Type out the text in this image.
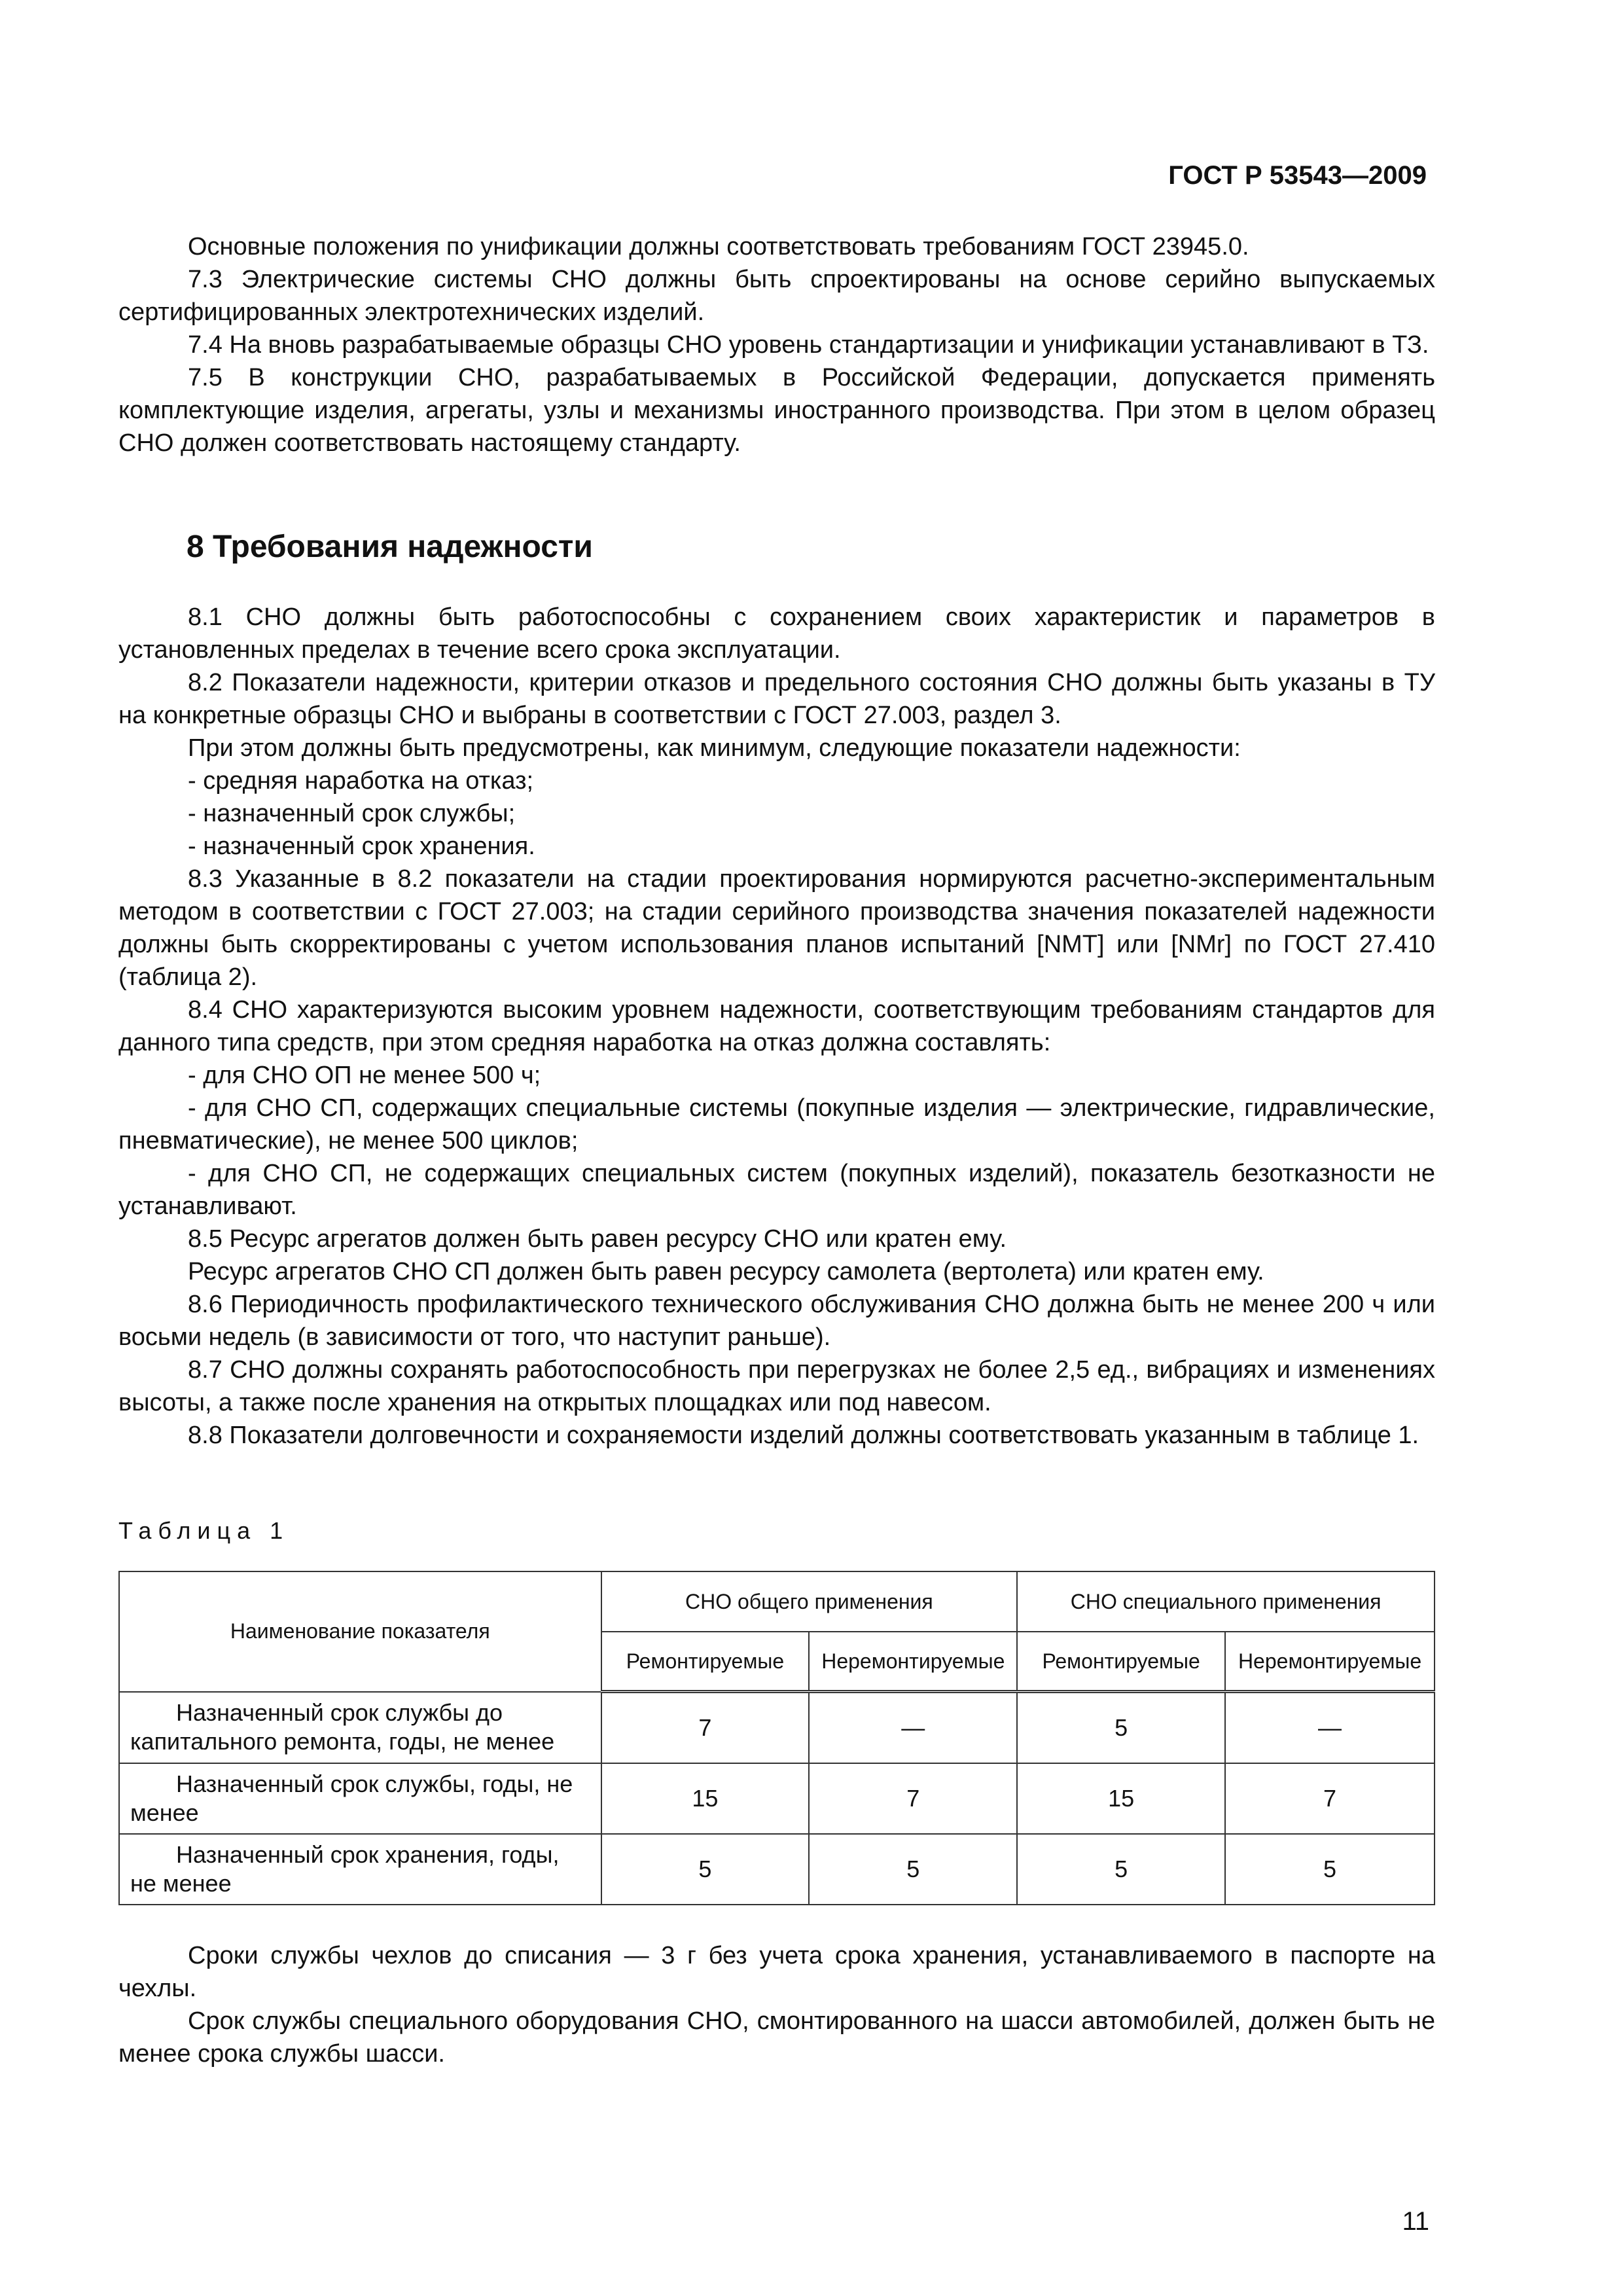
ГОСТ Р 53543—2009

Основные положения по унификации должны соответствовать требованиям ГОСТ 23945.0.

7.3 Электрические системы СНО должны быть спроектированы на основе серийно выпускаемых сертифицированных электротехнических изделий.

7.4 На вновь разрабатываемые образцы СНО уровень стандартизации и унификации устанавливают в ТЗ.

7.5 В конструкции СНО, разрабатываемых в Российской Федерации, допускается применять комплектующие изделия, агрегаты, узлы и механизмы иностранного производства. При этом в целом образец СНО должен соответствовать настоящему стандарту.

8 Требования надежности

8.1 СНО должны быть работоспособны с сохранением своих характеристик и параметров в установленных пределах в течение всего срока эксплуатации.

8.2 Показатели надежности, критерии отказов и предельного состояния СНО должны быть указаны в ТУ на конкретные образцы СНО и выбраны в соответствии с ГОСТ 27.003, раздел 3.

При этом должны быть предусмотрены, как минимум, следующие показатели надежности:

- средняя наработка на отказ;

- назначенный срок службы;

- назначенный срок хранения.

8.3 Указанные в 8.2 показатели на стадии проектирования нормируются расчетно-экспериментальным методом в соответствии с ГОСТ 27.003; на стадии серийного производства значения показателей надежности должны быть скорректированы с учетом использования планов испытаний [NMT] или [NMr] по ГОСТ 27.410 (таблица 2).

8.4 СНО характеризуются высоким уровнем надежности, соответствующим требованиям стандартов для данного типа средств, при этом средняя наработка на отказ должна составлять:

- для СНО ОП не менее 500 ч;

- для СНО СП, содержащих специальные системы (покупные изделия — электрические, гидравлические, пневматические), не менее 500 циклов;

- для СНО СП, не содержащих специальных систем (покупных изделий), показатель безотказности не устанавливают.

8.5 Ресурс агрегатов должен быть равен ресурсу СНО или кратен ему.

Ресурс агрегатов СНО СП должен быть равен ресурсу самолета (вертолета) или кратен ему.

8.6 Периодичность профилактического технического обслуживания СНО должна быть не менее 200 ч или восьми недель (в зависимости от того, что наступит раньше).

8.7 СНО должны сохранять работоспособность при перегрузках не более 2,5 ед., вибрациях и изменениях высоты, а также после хранения на открытых площадках или под навесом.

8.8 Показатели долговечности и сохраняемости изделий должны соответствовать указанным в таблице 1.

Таблица 1
Наименование показателя	СНО общего применения		СНО специального применения	
	Ремонтируемые	Неремонтируемые	Ремонтируемые	Неремонтируемые
Назначенный срок службы до капитального ремонта, годы, не менее	7	—	5	—
Назначенный срок службы, годы, не менее	15	7	15	7
Назначенный срок хранения, годы, не менее	5	5	5	5

Сроки службы чехлов до списания — 3 г без учета срока хранения, устанавливаемого в паспорте на чехлы.

Срок службы специального оборудования СНО, смонтированного на шасси автомобилей, должен быть не менее срока службы шасси.

11
